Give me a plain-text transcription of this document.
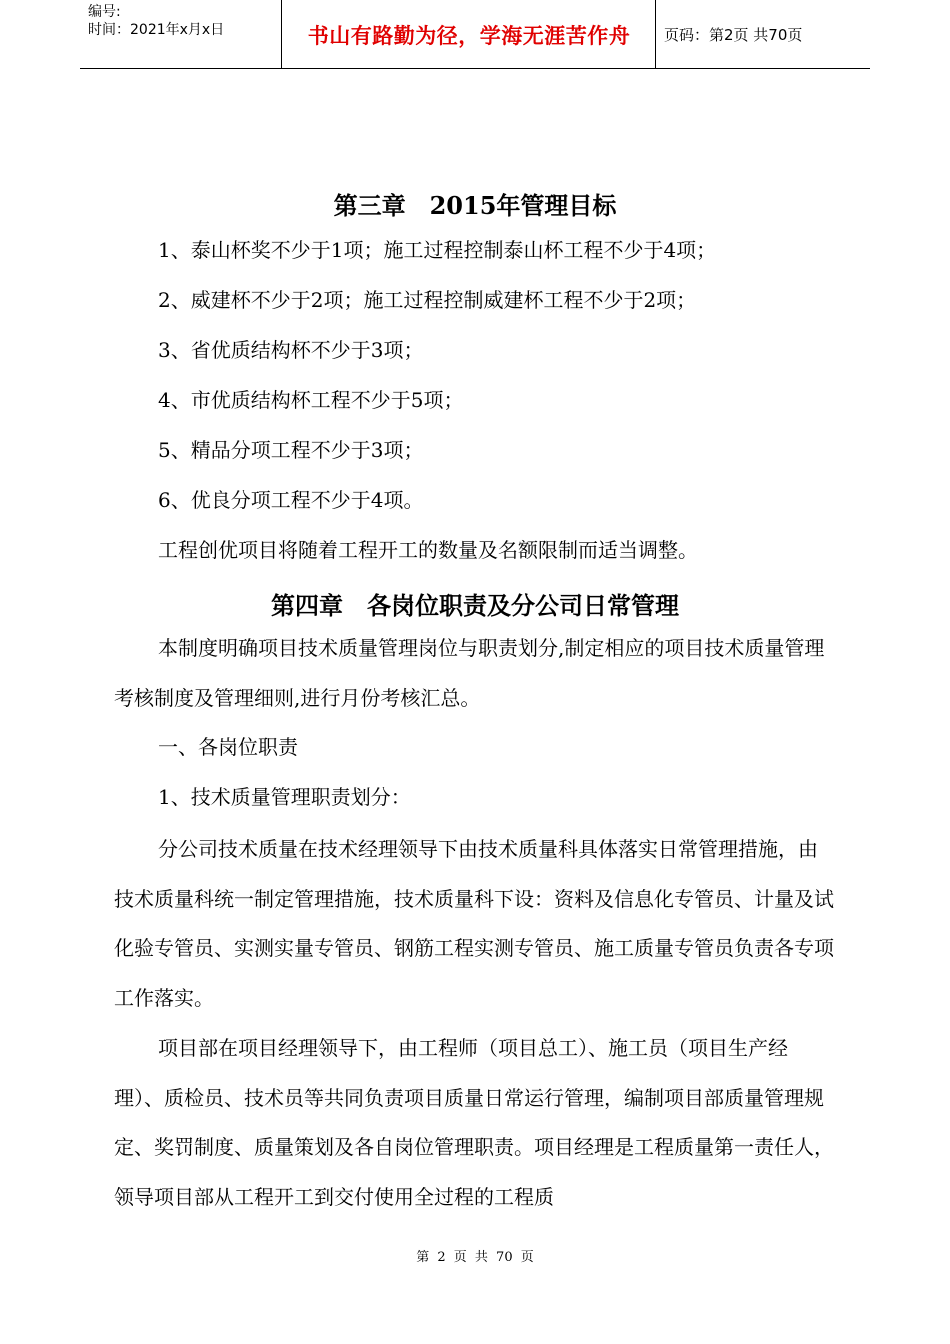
编号:
时间：2021年x月x日	书山有路勤为径，学海无涯苦作舟	页码：第2页 共70页
第三章　2015年管理目标
1、泰山杯奖不少于1项；施工过程控制泰山杯工程不少于4项；
2、威建杯不少于2项；施工过程控制威建杯工程不少于2项；
3、省优质结构杯不少于3项；
4、市优质结构杯工程不少于5项；
5、精品分项工程不少于3项；
6、优良分项工程不少于4项。
工程创优项目将随着工程开工的数量及名额限制而适当调整。
第四章　各岗位职责及分公司日常管理
本制度明确项目技术质量管理岗位与职责划分,制定相应的项目技术质量管理考核制度及管理细则,进行月份考核汇总。
一、各岗位职责
1、技术质量管理职责划分：
分公司技术质量在技术经理领导下由技术质量科具体落实日常管理措施，由技术质量科统一制定管理措施，技术质量科下设：资料及信息化专管员、计量及试化验专管员、实测实量专管员、钢筋工程实测专管员、施工质量专管员负责各专项工作落实。
项目部在项目经理领导下，由工程师（项目总工）、施工员（项目生产经理）、质检员、技术员等共同负责项目质量日常运行管理，编制项目部质量管理规定、奖罚制度、质量策划及各自岗位管理职责。项目经理是工程质量第一责任人，领导项目部从工程开工到交付使用全过程的工程质
第 2 页 共 70 页
